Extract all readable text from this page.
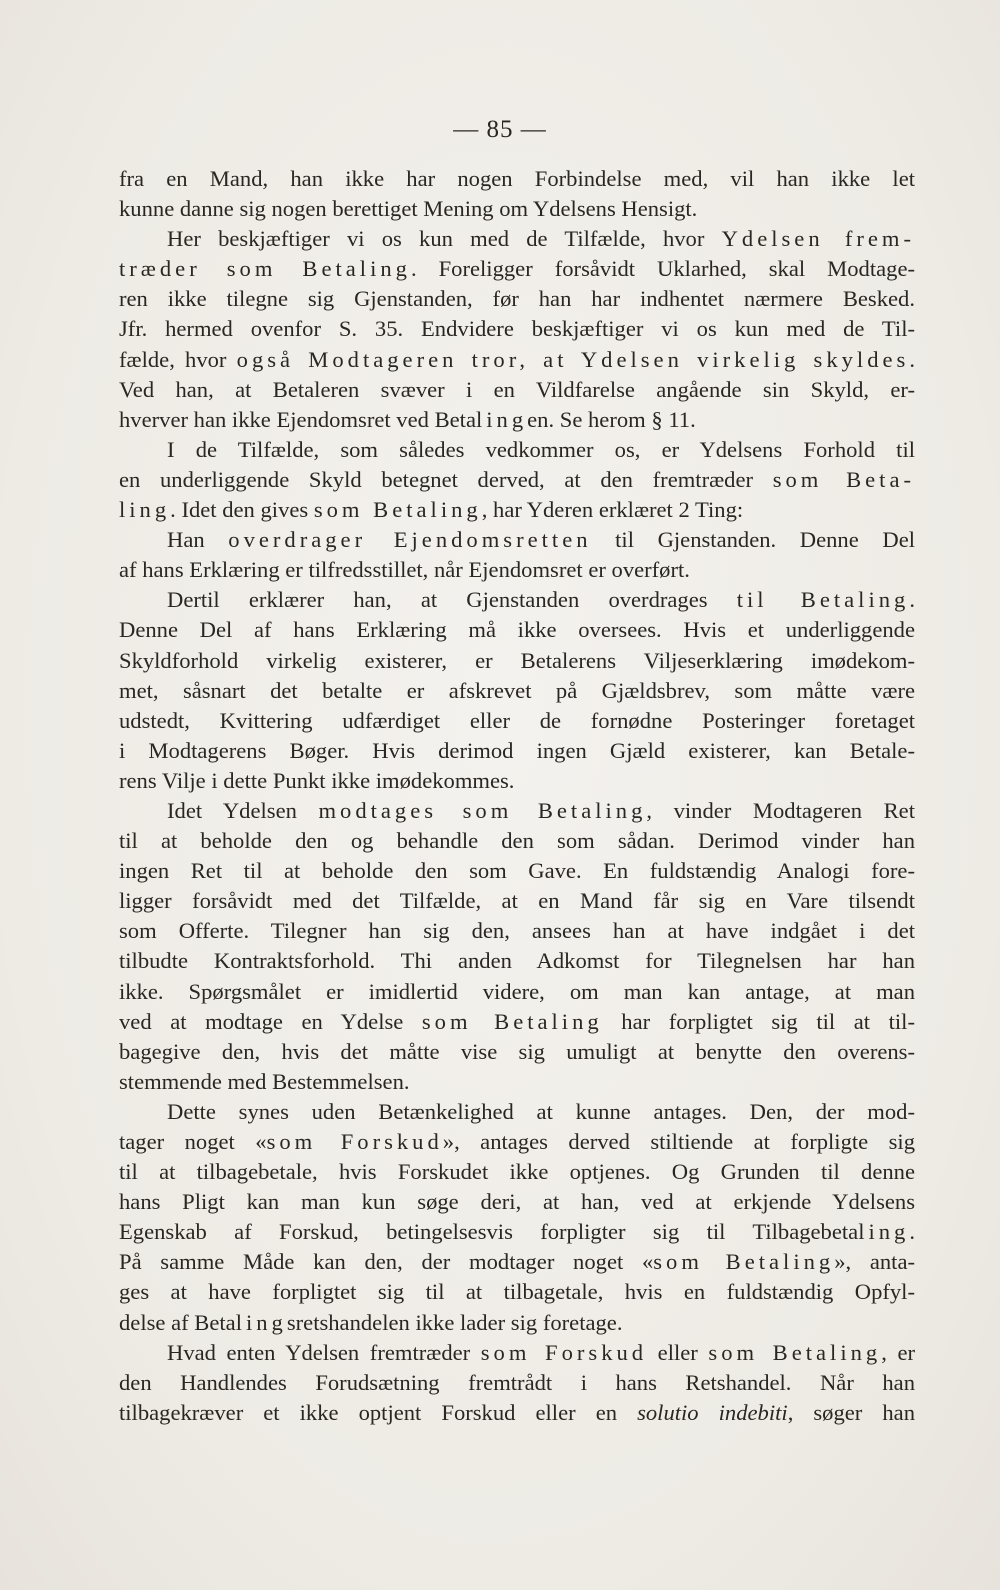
— 85 —
fra en Mand, han ikke har nogen Forbindelse med, vil han ikke let
kunne danne sig nogen berettiget Mening om Ydelsens Hensigt.
Her beskjæftiger vi os kun med de Tilfælde, hvor Ydelsen frem-
træder som Betaling. Foreligger forsåvidt Uklarhed, skal Modtage-
ren ikke tilegne sig Gjenstanden, før han har indhentet nærmere Besked.
Jfr. hermed ovenfor S. 35. Endvidere beskjæftiger vi os kun med de Til-
fælde, hvor også Modtageren tror, at Ydelsen virkelig skyldes.
Ved han, at Betaleren svæver i en Vildfarelse angående sin Skyld, er-
hverver han ikke Ejendomsret ved Betalingen. Se herom § 11.
I de Tilfælde, som således vedkommer os, er Ydelsens Forhold til
en underliggende Skyld betegnet derved, at den fremtræder som Beta-
ling. Idet den gives som Betaling, har Yderen erklæret 2 Ting:
Han overdrager Ejendomsretten til Gjenstanden. Denne Del
af hans Erklæring er tilfredsstillet, når Ejendomsret er overført.
Dertil erklærer han, at Gjenstanden overdrages til Betaling.
Denne Del af hans Erklæring må ikke oversees. Hvis et underliggende
Skyldforhold virkelig existerer, er Betalerens Viljeserklæring imødekom-
met, såsnart det betalte er afskrevet på Gjældsbrev, som måtte være
udstedt, Kvittering udfærdiget eller de fornødne Posteringer foretaget
i Modtagerens Bøger. Hvis derimod ingen Gjæld existerer, kan Betale-
rens Vilje i dette Punkt ikke imødekommes.
Idet Ydelsen modtages som Betaling, vinder Modtageren Ret
til at beholde den og behandle den som sådan. Derimod vinder han
ingen Ret til at beholde den som Gave. En fuldstændig Analogi fore-
ligger forsåvidt med det Tilfælde, at en Mand får sig en Vare tilsendt
som Offerte. Tilegner han sig den, ansees han at have indgået i det
tilbudte Kontraktsforhold. Thi anden Adkomst for Tilegnelsen har han
ikke. Spørgsmålet er imidlertid videre, om man kan antage, at man
ved at modtage en Ydelse som Betaling har forpligtet sig til at til-
bagegive den, hvis det måtte vise sig umuligt at benytte den overens-
stemmende med Bestemmelsen.
Dette synes uden Betænkelighed at kunne antages. Den, der mod-
tager noget «som Forskud», antages derved stiltiende at forpligte sig
til at tilbagebetale, hvis Forskudet ikke optjenes. Og Grunden til denne
hans Pligt kan man kun søge deri, at han, ved at erkjende Ydelsens
Egenskab af Forskud, betingelsesvis forpligter sig til Tilbagebetaling.
På samme Måde kan den, der modtager noget «som Betaling», anta-
ges at have forpligtet sig til at tilbagetale, hvis en fuldstændig Opfyl-
delse af Betalingsretshandelen ikke lader sig foretage.
Hvad enten Ydelsen fremtræder som Forskud eller som Betaling, er
den Handlendes Forudsætning fremtrådt i hans Retshandel. Når han
tilbagekræver et ikke optjent Forskud eller en solutio indebiti, søger han
